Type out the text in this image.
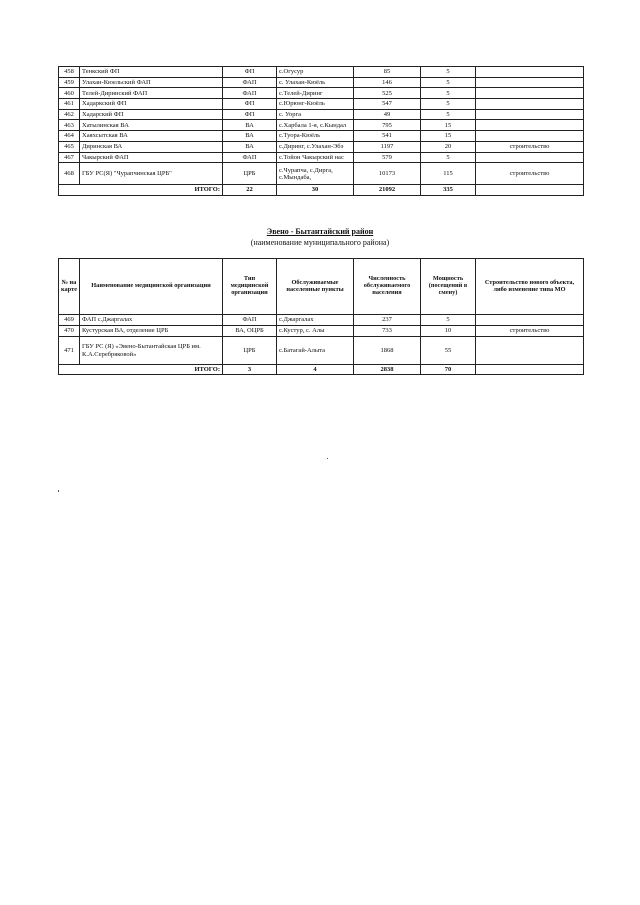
458	Тенкский ФП	ФП	с.Огусур	85	5	
459	Улахан-Кюельский ФАП	ФАП	с. Улахан-Кюёль	146	5	
460	Телей-Диринский ФАП	ФАП	с.Телей-Диринг	525	5	
461	Хадаркский ФП	ФП	с.Юрюнг-Кюёль	547	5	
462	Хадарский ФП	ФП	с. Уорга	49	5	
463	Хатылинская ВА	ВА	с.Харбала 1-я, с.Кындал	795	15	
464	Хаяхсытская ВА	ВА	с.Туора-Кюёль	541	15	
465	Диринская ВА	ВА	с.Диринг, с.Улахан-Эбэ	1197	20	строительство
467	Чакырский ФАП	ФАП	с.Тойон Чакырский нас	579	5	
468	ГБУ РС(Я) "Чурапчинская ЦРБ"	ЦРБ	с.Чурапча, с.Дирга, с.Мындаба,	10173	115	строительство
ИТОГО:		22	30	21092	335	
Эвено - Бытантайский район
(наименование муниципального района)
№ на карте	Наименование медицинской организации	Тип медицинской организации	Обслуживаемые населенные пункты	Численность обслуживаемого населения	Мощность (посещений в смену)	Строительство нового объекта, либо изменение типа МО
469	ФАП с.Джаргалах	ФАП	с.Джаргалах	237	5	
470	Кустурская ВА, отделение ЦРБ	ВА, ОЦРБ	с.Кустур, с. Алы	733	10	строительство
471	ГБУ РС (Я) «Эвено-Бытантайская ЦРБ им. К.А.Серебряковой»	ЦРБ	с.Батагай-Алыта	1868	55	
ИТОГО:		3	4	2838	70	
